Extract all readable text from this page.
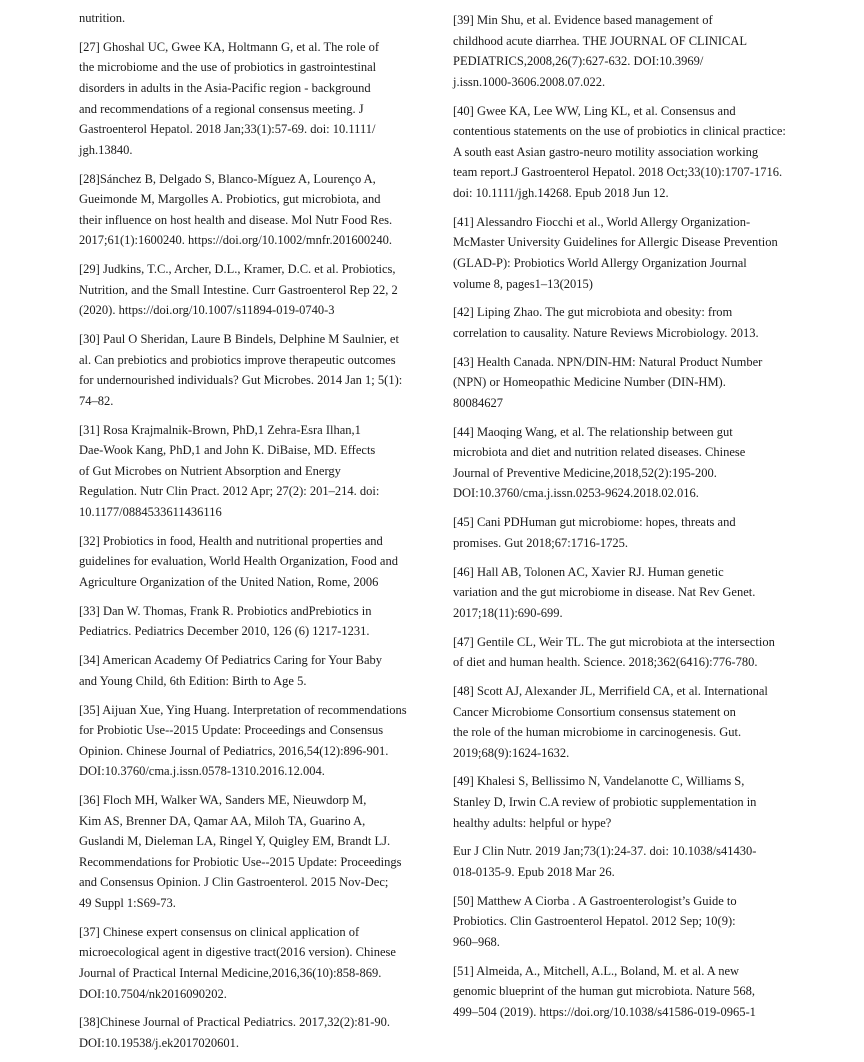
nutrition.

[27] Ghoshal UC, Gwee KA, Holtmann G, et al. The role of
the microbiome and the use of probiotics in gastrointestinal
disorders in adults in the Asia-Pacific region - background
and recommendations of a regional consensus meeting. J
Gastroenterol Hepatol. 2018 Jan;33(1):57-69. doi: 10.1111/
jgh.13840.

[28]Sánchez B, Delgado S, Blanco-Míguez A, Lourenço A,
Gueimonde M, Margolles A. Probiotics, gut microbiota, and
their influence on host health and disease. Mol Nutr Food Res.
2017;61(1):1600240. https://doi.org/10.1002/mnfr.201600240.

[29] Judkins, T.C., Archer, D.L., Kramer, D.C. et al. Probiotics,
Nutrition, and the Small Intestine. Curr Gastroenterol Rep 22, 2
(2020). https://doi.org/10.1007/s11894-019-0740-3

[30] Paul O Sheridan, Laure B Bindels, Delphine M Saulnier, et
al. Can prebiotics and probiotics improve therapeutic outcomes
for undernourished individuals? Gut Microbes. 2014 Jan 1; 5(1):
74–82.

[31] Rosa Krajmalnik-Brown, PhD,1 Zehra-Esra Ilhan,1
Dae-Wook Kang, PhD,1 and John K. DiBaise, MD. Effects
of Gut Microbes on Nutrient Absorption and Energy
Regulation. Nutr Clin Pract. 2012 Apr; 27(2): 201–214. doi:
10.1177/0884533611436116

[32] Probiotics in food, Health and nutritional properties and
guidelines for evaluation, World Health Organization, Food and
Agriculture Organization of the United Nation, Rome, 2006

[33] Dan W. Thomas, Frank R. Probiotics andPrebiotics in
Pediatrics. Pediatrics December 2010, 126 (6) 1217-1231.

[34] American Academy Of Pediatrics Caring for Your Baby
and Young Child, 6th Edition: Birth to Age 5.

[35] Aijuan Xue, Ying Huang. Interpretation of recommendations
for Probiotic Use--2015 Update: Proceedings and Consensus
Opinion. Chinese Journal of Pediatrics, 2016,54(12):896-901.
DOI:10.3760/cma.j.issn.0578-1310.2016.12.004.

[36] Floch MH, Walker WA, Sanders ME, Nieuwdorp M,
Kim AS, Brenner DA, Qamar AA, Miloh TA, Guarino A,
Guslandi M, Dieleman LA, Ringel Y, Quigley EM, Brandt LJ.
Recommendations for Probiotic Use--2015 Update: Proceedings
and Consensus Opinion. J Clin Gastroenterol. 2015 Nov-Dec;
49 Suppl 1:S69-73.

[37] Chinese expert consensus on clinical application of
microecological agent in digestive tract(2016 version). Chinese
Journal of Practical Internal Medicine,2016,36(10):858-869.
DOI:10.7504/nk2016090202.

[38]Chinese Journal of Practical Pediatrics. 2017,32(2):81-90.
DOI:10.19538/j.ek2017020601.

[39] Min Shu, et al. Evidence based management of
childhood acute diarrhea. THE JOURNAL OF CLINICAL
PEDIATRICS,2008,26(7):627-632. DOI:10.3969/
j.issn.1000-3606.2008.07.022.

[40] Gwee KA, Lee WW, Ling KL, et al. Consensus and
contentious statements on the use of probiotics in clinical practice:
A south east Asian gastro-neuro motility association working
team report.J Gastroenterol Hepatol. 2018 Oct;33(10):1707-1716.
doi: 10.1111/jgh.14268. Epub 2018 Jun 12.

[41] Alessandro Fiocchi et al., World Allergy Organization-
McMaster University Guidelines for Allergic Disease Prevention
(GLAD-P): Probiotics World Allergy Organization Journal
volume 8, pages1–13(2015)

[42] Liping Zhao. The gut microbiota and obesity: from
correlation to causality. Nature Reviews Microbiology. 2013.

[43] Health Canada. NPN/DIN-HM: Natural Product Number
(NPN) or Homeopathic Medicine Number (DIN-HM).
80084627

[44] Maoqing Wang, et al. The relationship between gut
microbiota and diet and nutrition related diseases. Chinese
Journal of Preventive Medicine,2018,52(2):195-200.
DOI:10.3760/cma.j.issn.0253-9624.2018.02.016.

[45] Cani PDHuman gut microbiome: hopes, threats and
promises. Gut 2018;67:1716-1725.

[46] Hall AB, Tolonen AC, Xavier RJ. Human genetic
variation and the gut microbiome in disease. Nat Rev Genet.
2017;18(11):690-699.

[47] Gentile CL, Weir TL. The gut microbiota at the intersection
of diet and human health. Science. 2018;362(6416):776-780.

[48] Scott AJ, Alexander JL, Merrifield CA, et al. International
Cancer Microbiome Consortium consensus statement on
the role of the human microbiome in carcinogenesis. Gut.
2019;68(9):1624-1632.

[49] Khalesi S, Bellissimo N, Vandelanotte C, Williams S,
Stanley D, Irwin C.A review of probiotic supplementation in
healthy adults: helpful or hype?

Eur J Clin Nutr. 2019 Jan;73(1):24-37. doi: 10.1038/s41430-
018-0135-9. Epub 2018 Mar 26.

[50] Matthew A Ciorba . A Gastroenterologist’s Guide to
Probiotics. Clin Gastroenterol Hepatol. 2012 Sep; 10(9):
960–968.

[51] Almeida, A., Mitchell, A.L., Boland, M. et al. A new
genomic blueprint of the human gut microbiota. Nature 568,
499–504 (2019). https://doi.org/10.1038/s41586-019-0965-1
